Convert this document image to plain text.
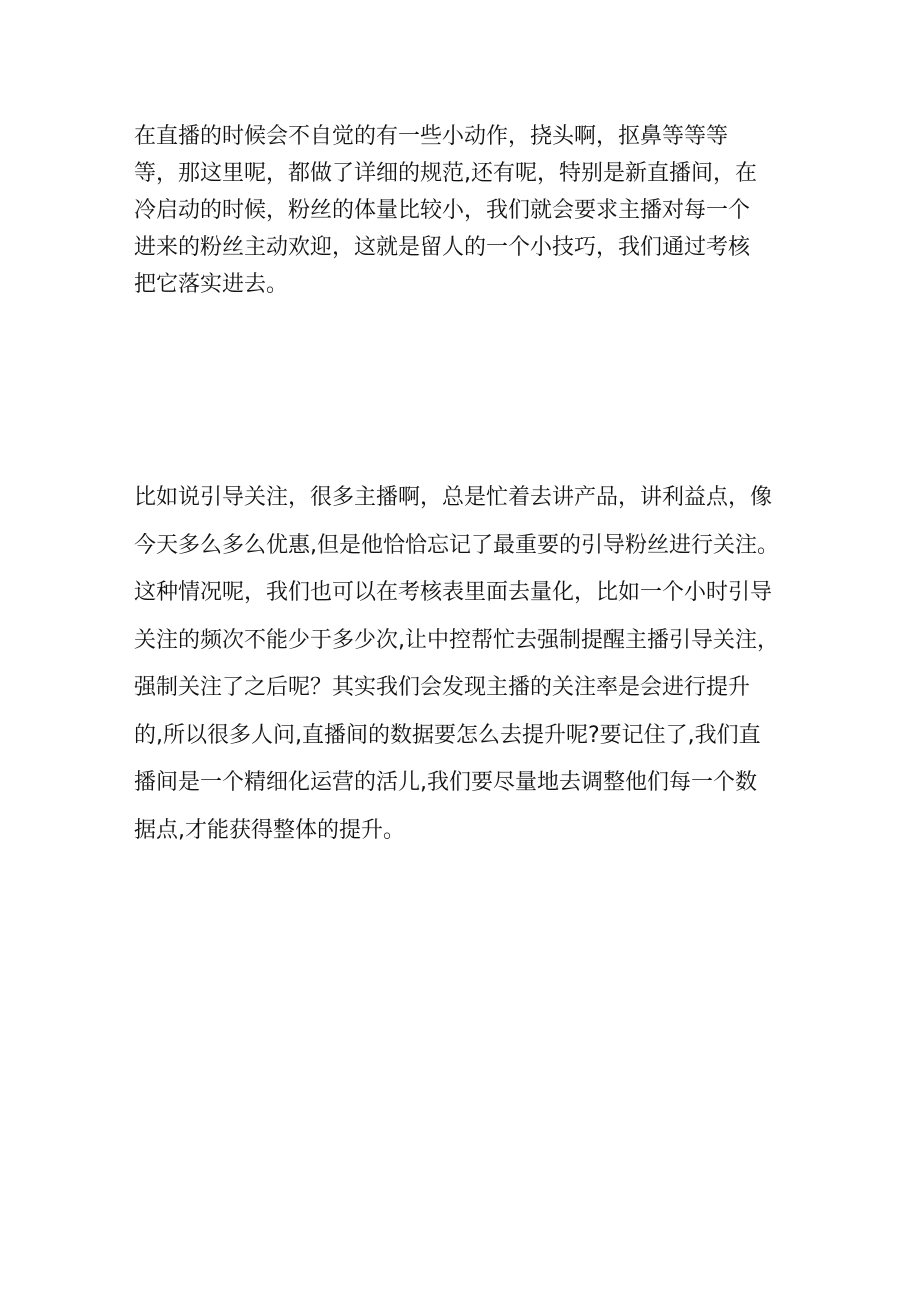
在直播的时候会不自觉的有一些小动作，挠头啊，抠鼻等等等
等，那这里呢，都做了详细的规范,还有呢，特别是新直播间，在
冷启动的时候，粉丝的体量比较小，我们就会要求主播对每一个
进来的粉丝主动欢迎，这就是留人的一个小技巧，我们通过考核
把它落实进去。
比如说引导关注，很多主播啊，总是忙着去讲产品，讲利益点，像
今天多么多么优惠,但是他恰恰忘记了最重要的引导粉丝进行关注。
这种情况呢，我们也可以在考核表里面去量化，比如一个小时引导
关注的频次不能少于多少次,让中控帮忙去强制提醒主播引导关注，
强制关注了之后呢？其实我们会发现主播的关注率是会进行提升
的,所以很多人问,直播间的数据要怎么去提升呢?要记住了,我们直
播间是一个精细化运营的活儿,我们要尽量地去调整他们每一个数
据点,才能获得整体的提升。
